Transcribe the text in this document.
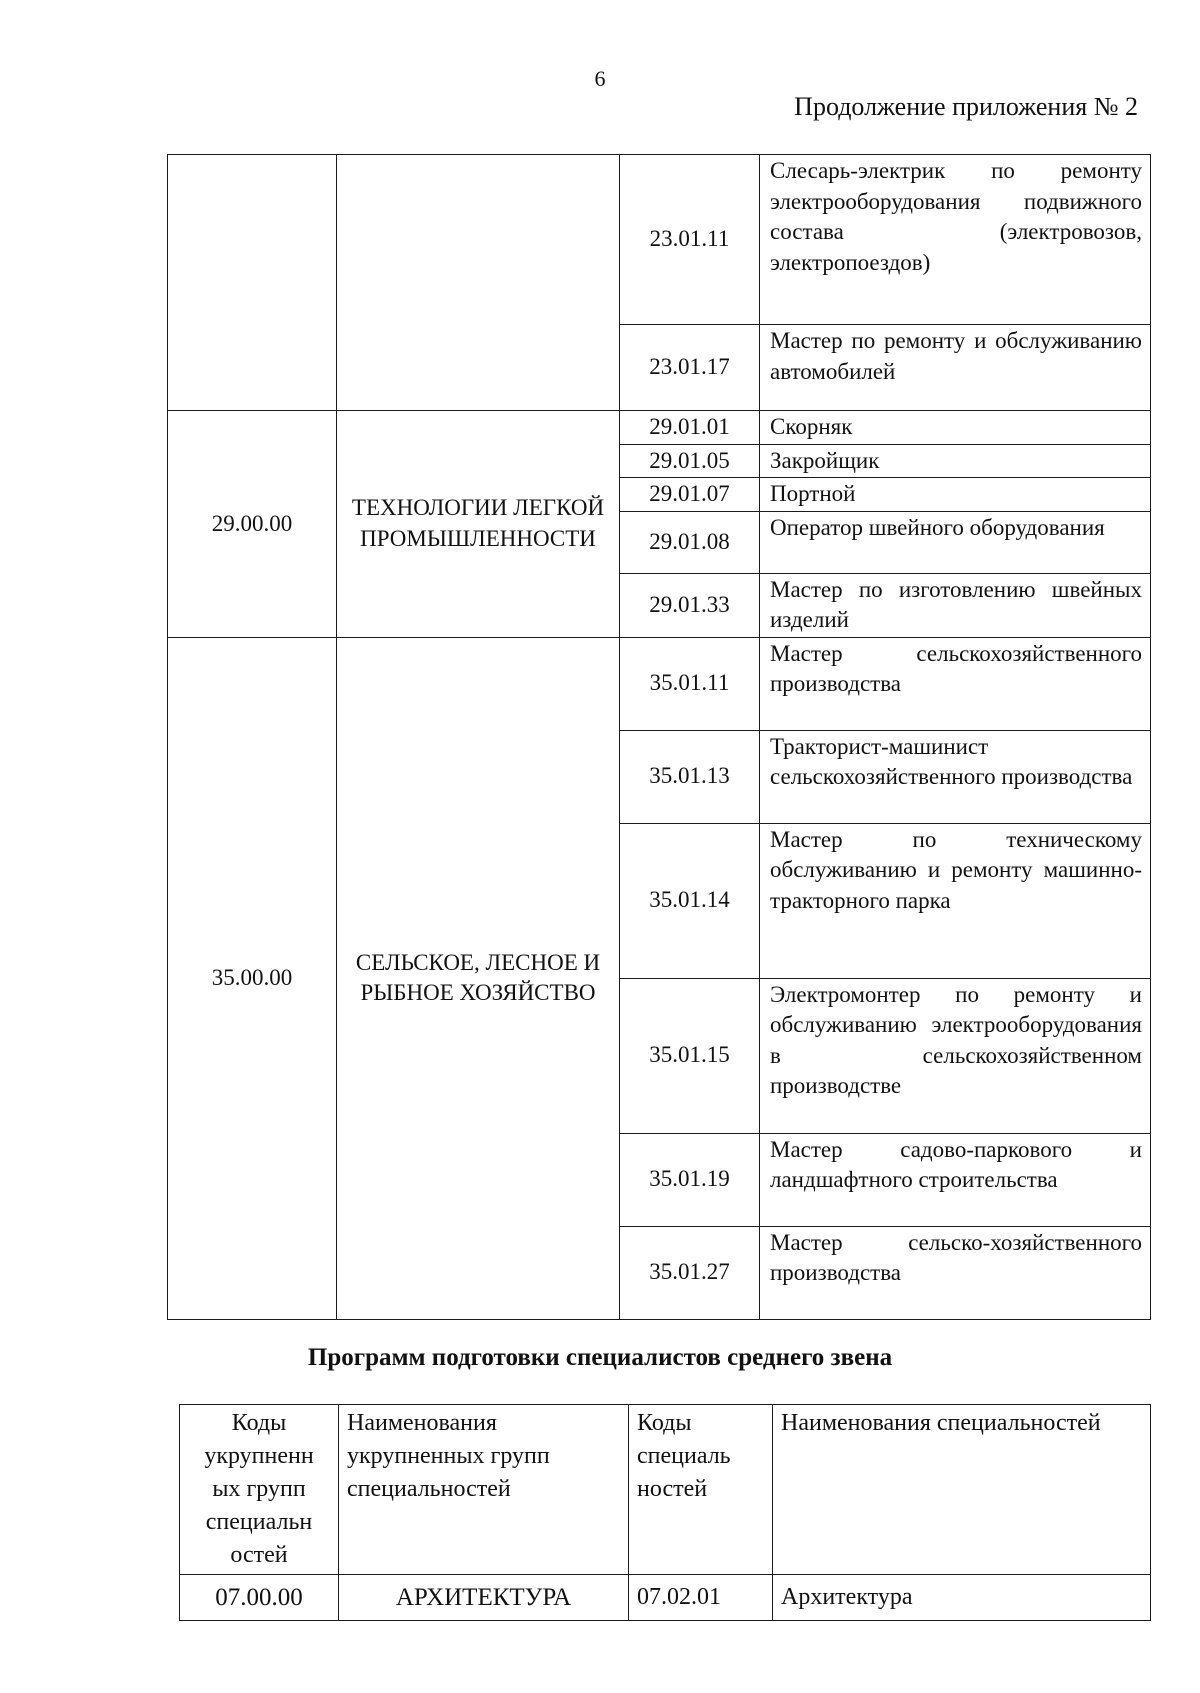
6
Продолжение приложения № 2
		23.01.11	Слесарь-электрик по ремонту электрооборудования подвижного состава (электровозов, электропоездов)
		23.01.17	Мастер по ремонту и обслуживанию автомобилей
29.00.00	ТЕХНОЛОГИИ ЛЕГКОЙ ПРОМЫШЛЕННОСТИ	29.01.01	Скорняк
		29.01.05	Закройщик
		29.01.07	Портной
		29.01.08	Оператор швейного оборудования
		29.01.33	Мастер по изготовлению швейных изделий
35.00.00	СЕЛЬСКОЕ, ЛЕСНОЕ И РЫБНОЕ ХОЗЯЙСТВО	35.01.11	Мастер сельскохозяйственного производства
		35.01.13	Тракторист-машинист сельскохозяйственного производства
		35.01.14	Мастер по техническому обслуживанию и ремонту машинно- тракторного парка
		35.01.15	Электромонтер по ремонту и обслуживанию электрооборудования в сельскохозяйственном производстве
		35.01.19	Мастер садово-паркового и ландшафтного строительства
		35.01.27	Мастер сельско-хозяйственного производства
Программ подготовки специалистов среднего звена
Коды укрупненн ых групп специальн остей	Наименования укрупненных групп специальностей	Коды специаль ностей	Наименования специальностей
07.00.00	АРХИТЕКТУРА	07.02.01	Архитектура
